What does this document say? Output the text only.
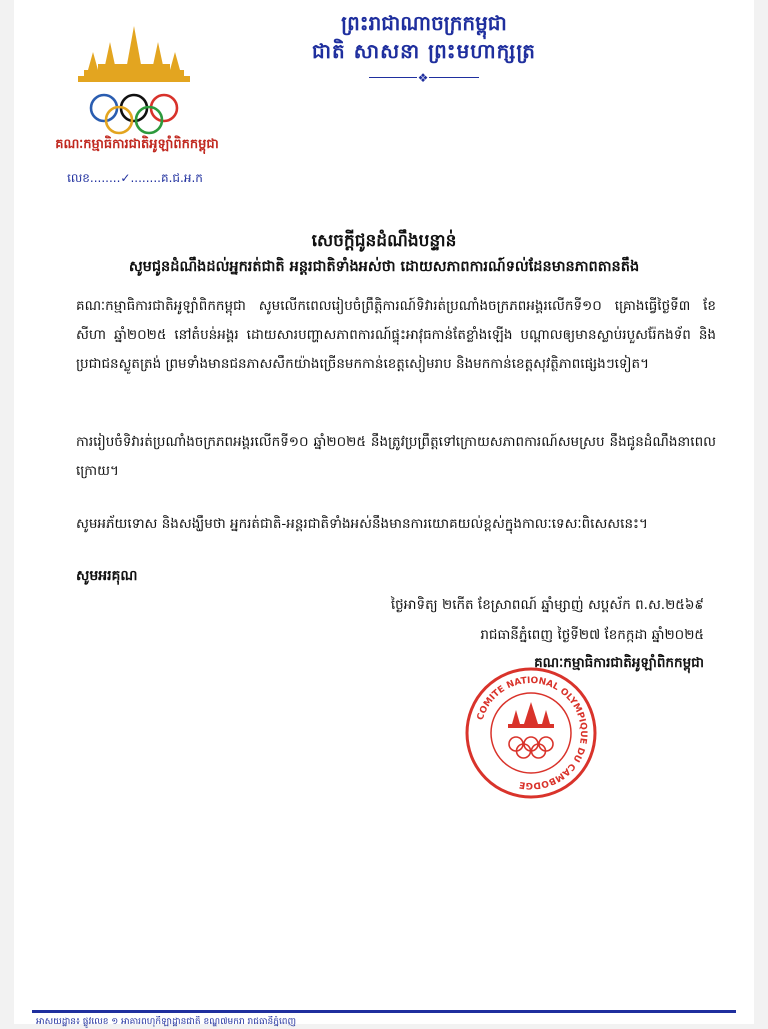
គណៈកម្មាធិការជាតិអូឡាំពិកកម្ពុជា
លេខ........✓........គ.ជ.អ.ក
ព្រះរាជាណាចក្រកម្ពុជា
ជាតិ សាសនា ព្រះមហាក្សត្រ
❖
សេចក្តីជូនដំណឹងបន្ទាន់
សូមជូនដំណឹងដល់អ្នករត់ជាតិ អន្តរជាតិទាំងអស់ថា ដោយសភាពការណ៍ទល់ដែនមានភាពតានតឹង
គណៈកម្មាធិការជាតិអូឡាំពិកកម្ពុជា សូមលើកពេលរៀបចំព្រឹត្តិការណ៍ទិវារត់ប្រណាំងចក្រភពអង្គរលើកទី១០ គ្រោងធ្វើថ្ងៃទី៣ ខែសីហា ឆ្នាំ២០២៥ នៅតំបន់អង្គរ ដោយសារបញ្ហាសភាពការណ៍ផ្ទុះអាវុធកាន់តែខ្លាំងឡើង បណ្តាលឲ្យមានស្លាប់របួសរ៉ែកងទ័ព និងប្រជាជនស្លូតត្រង់ ព្រមទាំងមានជនភាសសឹកយ៉ាងច្រើនមកកាន់ខេត្តសៀមរាប និងមកកាន់ខេត្តសុវត្ថិភាពផ្សេងៗទៀត។
ការរៀបចំទិវារត់ប្រណាំងចក្រភពអង្គរលើកទី១០ ឆ្នាំ២០២៥ នឹងត្រូវប្រព្រឹត្តទៅក្រោយសភាពការណ៍សមស្រប នឹងជូនដំណឹងនាពេលក្រោយ។
សូមអភ័យទោស និងសង្ឃឹមថា អ្នករត់ជាតិ-អន្តរជាតិទាំងអស់នឹងមានការយោគយល់ខ្ពស់ក្នុងកាលៈទេសៈពិសេសនេះ។
សូមអរគុណ
ថ្ងៃអាទិត្យ ២កើត ខែស្រាពណ៍ ឆ្នាំម្សាញ់ សប្តស័ក ព.ស.២៥៦៩
រាជធានីភ្នំពេញ ថ្ងៃទី២៧ ខែកក្កដា ឆ្នាំ២០២៥
គណៈកម្មាធិការជាតិអូឡាំពិកកម្ពុជា
COMITE NATIONAL OLYMPIQUE DU CAMBODGE
អាសយដ្ឋាន៖ ផ្លូវលេខ ១ អាគារពហុកីឡាដ្ឋានជាតិ ខណ្ឌ៧មករា រាជធានីភ្នំពេញ
